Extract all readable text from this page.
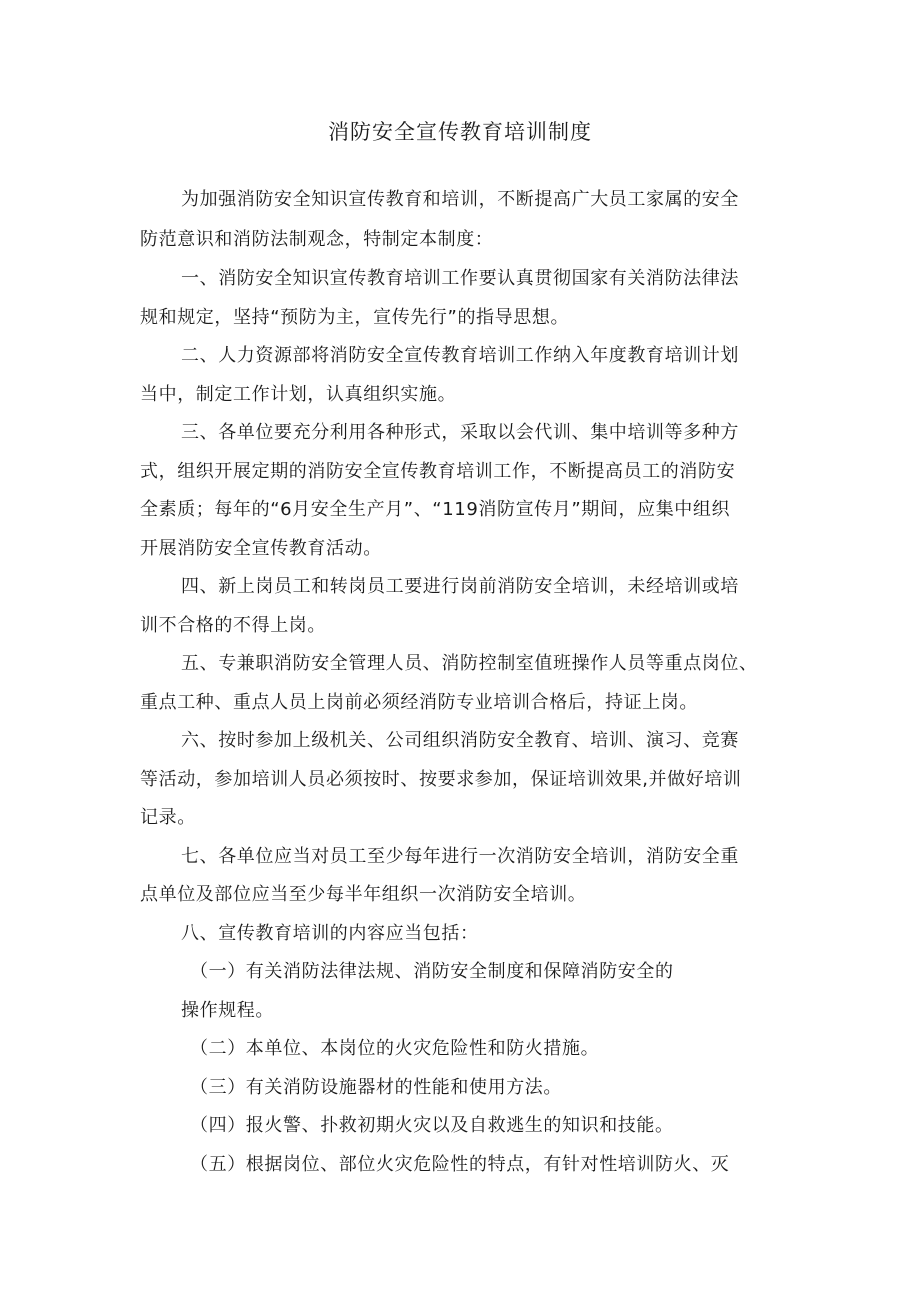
消防安全宣传教育培训制度
为加强消防安全知识宣传教育和培训，不断提高广大员工家属的安全
防范意识和消防法制观念，特制定本制度：
一、消防安全知识宣传教育培训工作要认真贯彻国家有关消防法律法
规和规定，坚持“预防为主，宣传先行”的指导思想。
二、人力资源部将消防安全宣传教育培训工作纳入年度教育培训计划
当中，制定工作计划，认真组织实施。
三、各单位要充分利用各种形式，采取以会代训、集中培训等多种方
式，组织开展定期的消防安全宣传教育培训工作，不断提高员工的消防安
全素质；每年的“6月安全生产月”、“119消防宣传月”期间，应集中组织
开展消防安全宣传教育活动。
四、新上岗员工和转岗员工要进行岗前消防安全培训，未经培训或培
训不合格的不得上岗。
五、专兼职消防安全管理人员、消防控制室值班操作人员等重点岗位、
重点工种、重点人员上岗前必须经消防专业培训合格后，持证上岗。
六、按时参加上级机关、公司组织消防安全教育、培训、演习、竞赛
等活动，参加培训人员必须按时、按要求参加，保证培训效果,并做好培训
记录。
七、各单位应当对员工至少每年进行一次消防安全培训，消防安全重
点单位及部位应当至少每半年组织一次消防安全培训。
八、宣传教育培训的内容应当包括：
（一）有关消防法律法规、消防安全制度和保障消防安全的
操作规程。
（二）本单位、本岗位的火灾危险性和防火措施。
（三）有关消防设施器材的性能和使用方法。
（四）报火警、扑救初期火灾以及自救逃生的知识和技能。
（五）根据岗位、部位火灾危险性的特点，有针对性培训防火、灭
